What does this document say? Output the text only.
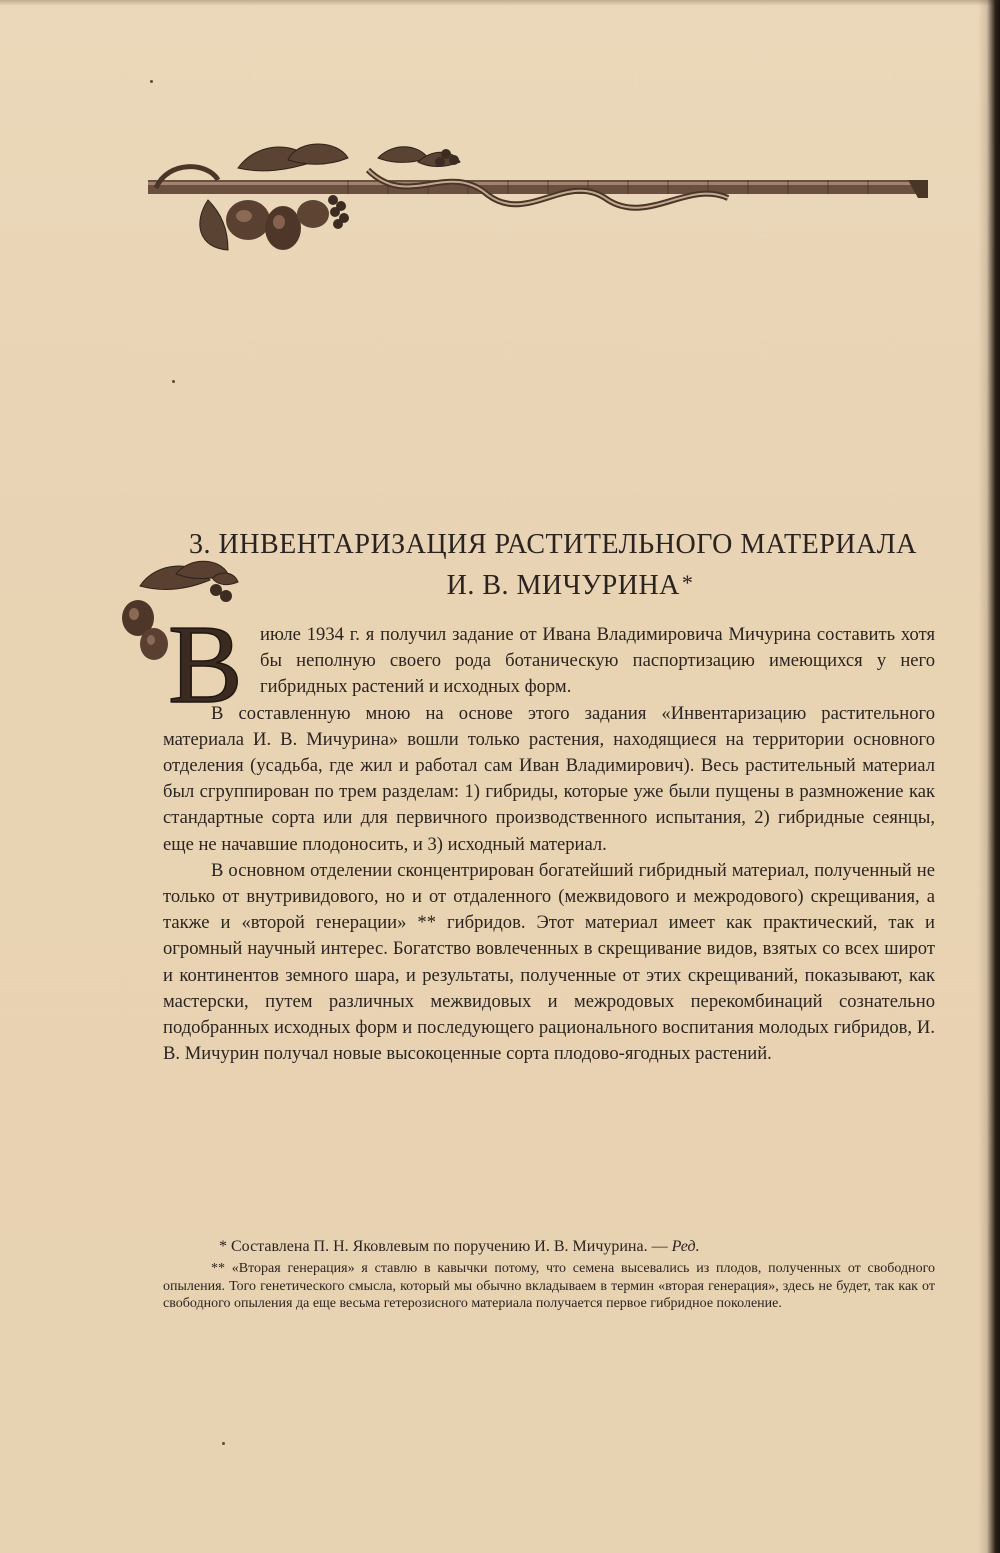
3. ИНВЕНТАРИЗАЦИЯ РАСТИТЕЛЬНОГО МАТЕРИАЛА
И. В. МИЧУРИНА*
В июле 1934 г. я получил задание от Ивана Владимировича Мичурина составить хотя бы неполную своего рода ботаническую паспортизацию имеющихся у него гибридных растений и исходных форм.

В составленную мною на основе этого задания «Инвентаризацию растительного материала И. В. Мичурина» вошли только растения, находящиеся на территории основного отделения (усадьба, где жил и работал сам Иван Владимирович). Весь растительный материал был сгруппирован по трем разделам: 1) гибриды, которые уже были пущены в размножение как стандартные сорта или для первичного производственного испытания, 2) гибридные сеянцы, еще не начавшие плодоносить, и 3) исходный материал.

В основном отделении сконцентрирован богатейший гибридный материал, полученный не только от внутривидового, но и от отдаленного (межвидового и межродового) скрещивания, а также и «второй генерации» ** гибридов. Этот материал имеет как практический, так и огромный научный интерес. Богатство вовлеченных в скрещивание видов, взятых со всех широт и континентов земного шара, и результаты, полученные от этих скрещиваний, показывают, как мастерски, путем различных межвидовых и межродовых перекомбинаций сознательно подобранных исходных форм и последующего рационального воспитания молодых гибридов, И. В. Мичурин получал новые высокоценные сорта плодово-ягодных растений.

* Составлена П. Н. Яковлевым по поручению И. В. Мичурина. — Ред.
** «Вторая генерация» я ставлю в кавычки потому, что семена высевались из плодов, полученных от свободного опыления. Того генетического смысла, который мы обычно вкладываем в термин «вторая генерация», здесь не будет, так как от свободного опыления да еще весьма гетерозисного материала получается первое гибридное поколение.
